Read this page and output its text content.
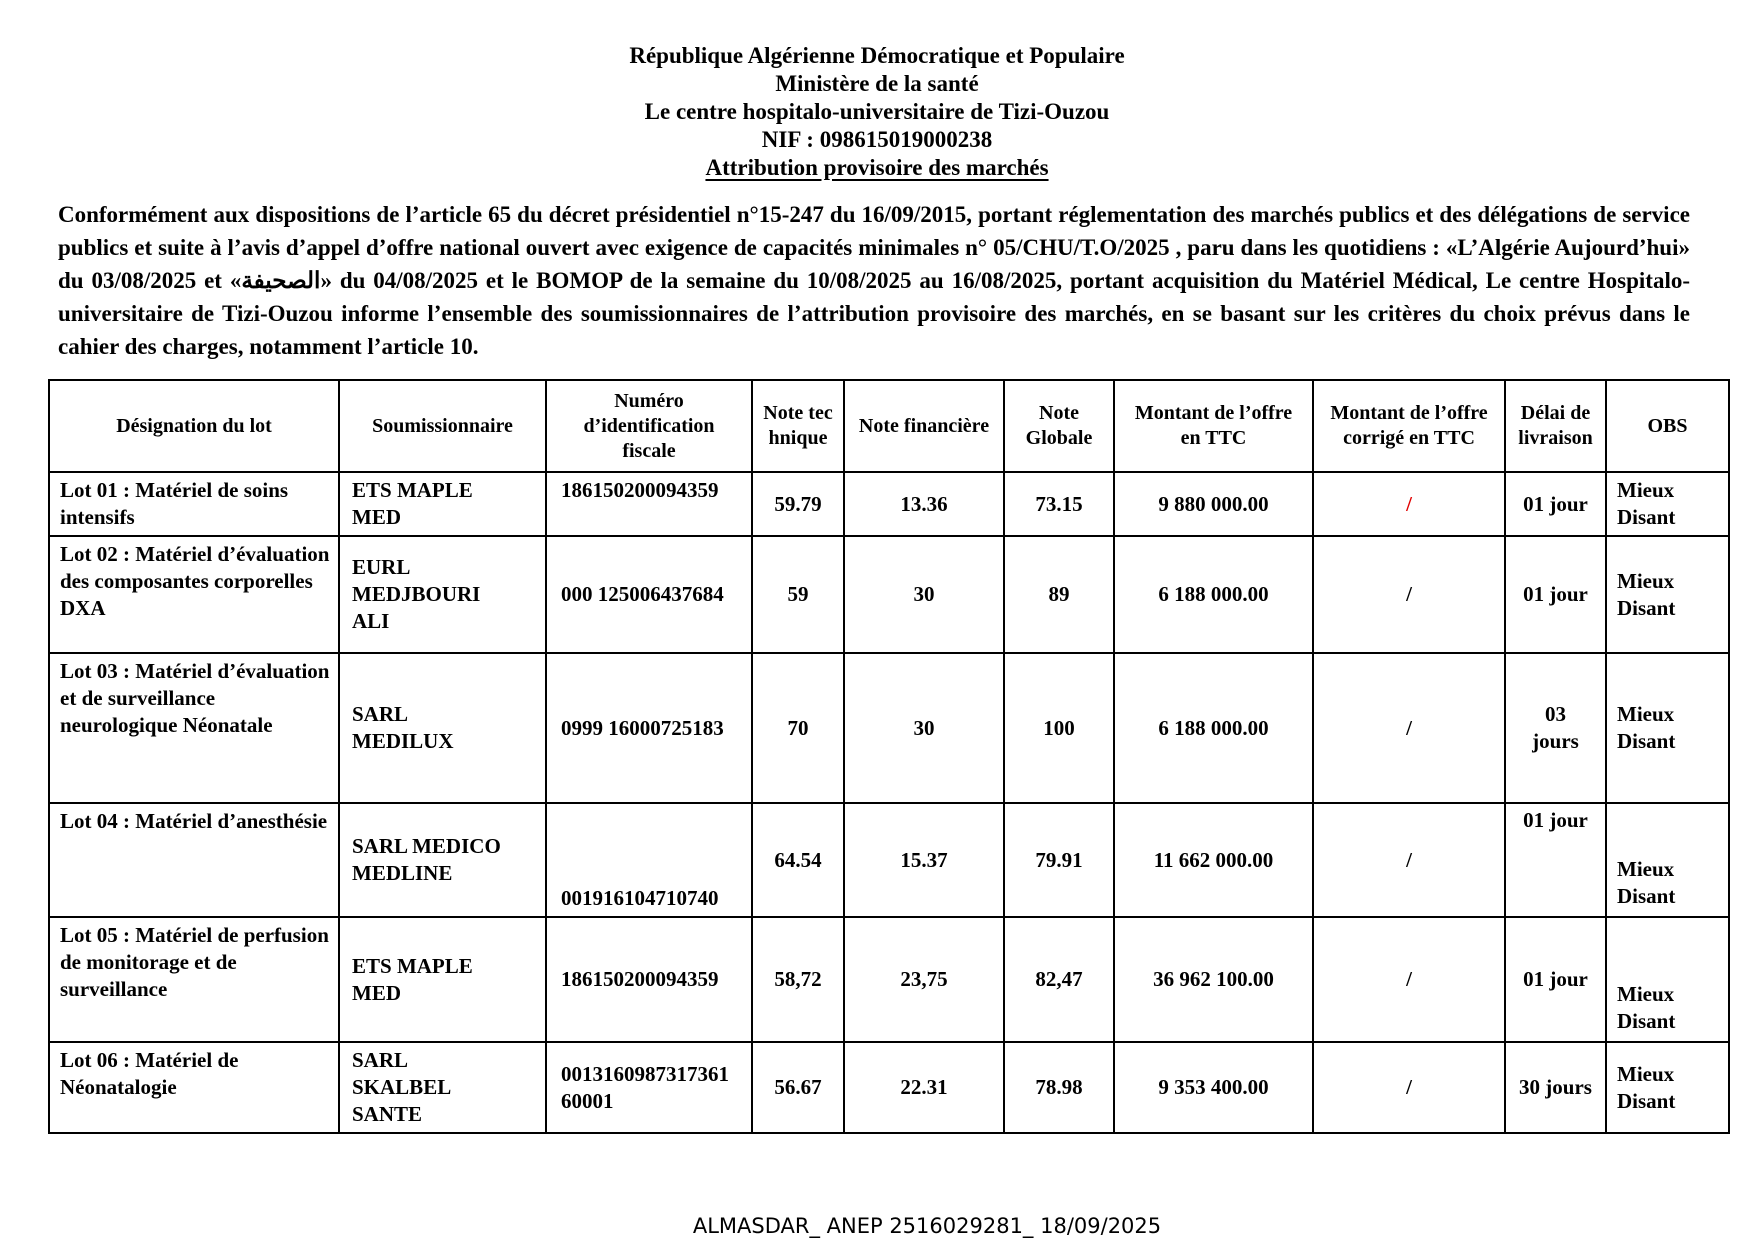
République Algérienne Démocratique et Populaire
Ministère de la santé
Le centre hospitalo-universitaire de Tizi-Ouzou
NIF : 098615019000238
Attribution provisoire des marchés

Conformément aux dispositions de l’article 65 du décret présidentiel n°15-247 du 16/09/2015, portant réglementation des marchés publics et des délégations de service publics et suite à l’avis d’appel d’offre national ouvert avec exigence de capacités minimales n° 05/CHU/T.O/2025 , paru dans les quotidiens : «L’Algérie Aujourd’hui» du 03/08/2025 et «الصحيفة» du 04/08/2025 et le BOMOP de la semaine du 10/08/2025 au 16/08/2025, portant acquisition du Matériel Médical, Le centre Hospitalo-universitaire de Tizi-Ouzou informe l’ensemble des soumissionnaires de l’attribution provisoire des marchés, en se basant sur les critères du choix prévus dans le cahier des charges, notamment l’article 10.

Désignation du lot	Soumissionnaire	Numéro d’identification fiscale	Note technique	Note financière	Note Globale	Montant de l’offre en TTC	Montant de l’offre corrigé en TTC	Délai de livraison	OBS
Lot 01 : Matériel de soins intensifs	ETS MAPLE MED	186150200094359	59.79	13.36	73.15	9 880 000.00	/	01 jour	Mieux Disant
Lot 02 : Matériel d’évaluation des composantes corporelles DXA	EURL MEDJBOURI ALI	000 125006437684	59	30	89	6 188 000.00	/	01 jour	Mieux Disant
Lot 03 : Matériel d’évaluation et de surveillance neurologique Néonatale	SARL MEDILUX	0999 16000725183	70	30	100	6 188 000.00	/	03 jours	Mieux Disant
Lot 04 : Matériel d’anesthésie	SARL MEDICO MEDLINE	001916104710740	64.54	15.37	79.91	11 662 000.00	/	01 jour	Mieux Disant
Lot 05 : Matériel de perfusion de monitorage et de surveillance	ETS MAPLE MED	186150200094359	58,72	23,75	82,47	36 962 100.00	/	01 jour	Mieux Disant
Lot 06 : Matériel de Néonatalogie	SARL SKALBEL SANTE	0013160987317361 60001	56.67	22.31	78.98	9 353 400.00	/	30 jours	Mieux Disant
ALMASDAR_ ANEP 2516029281_ 18/09/2025
